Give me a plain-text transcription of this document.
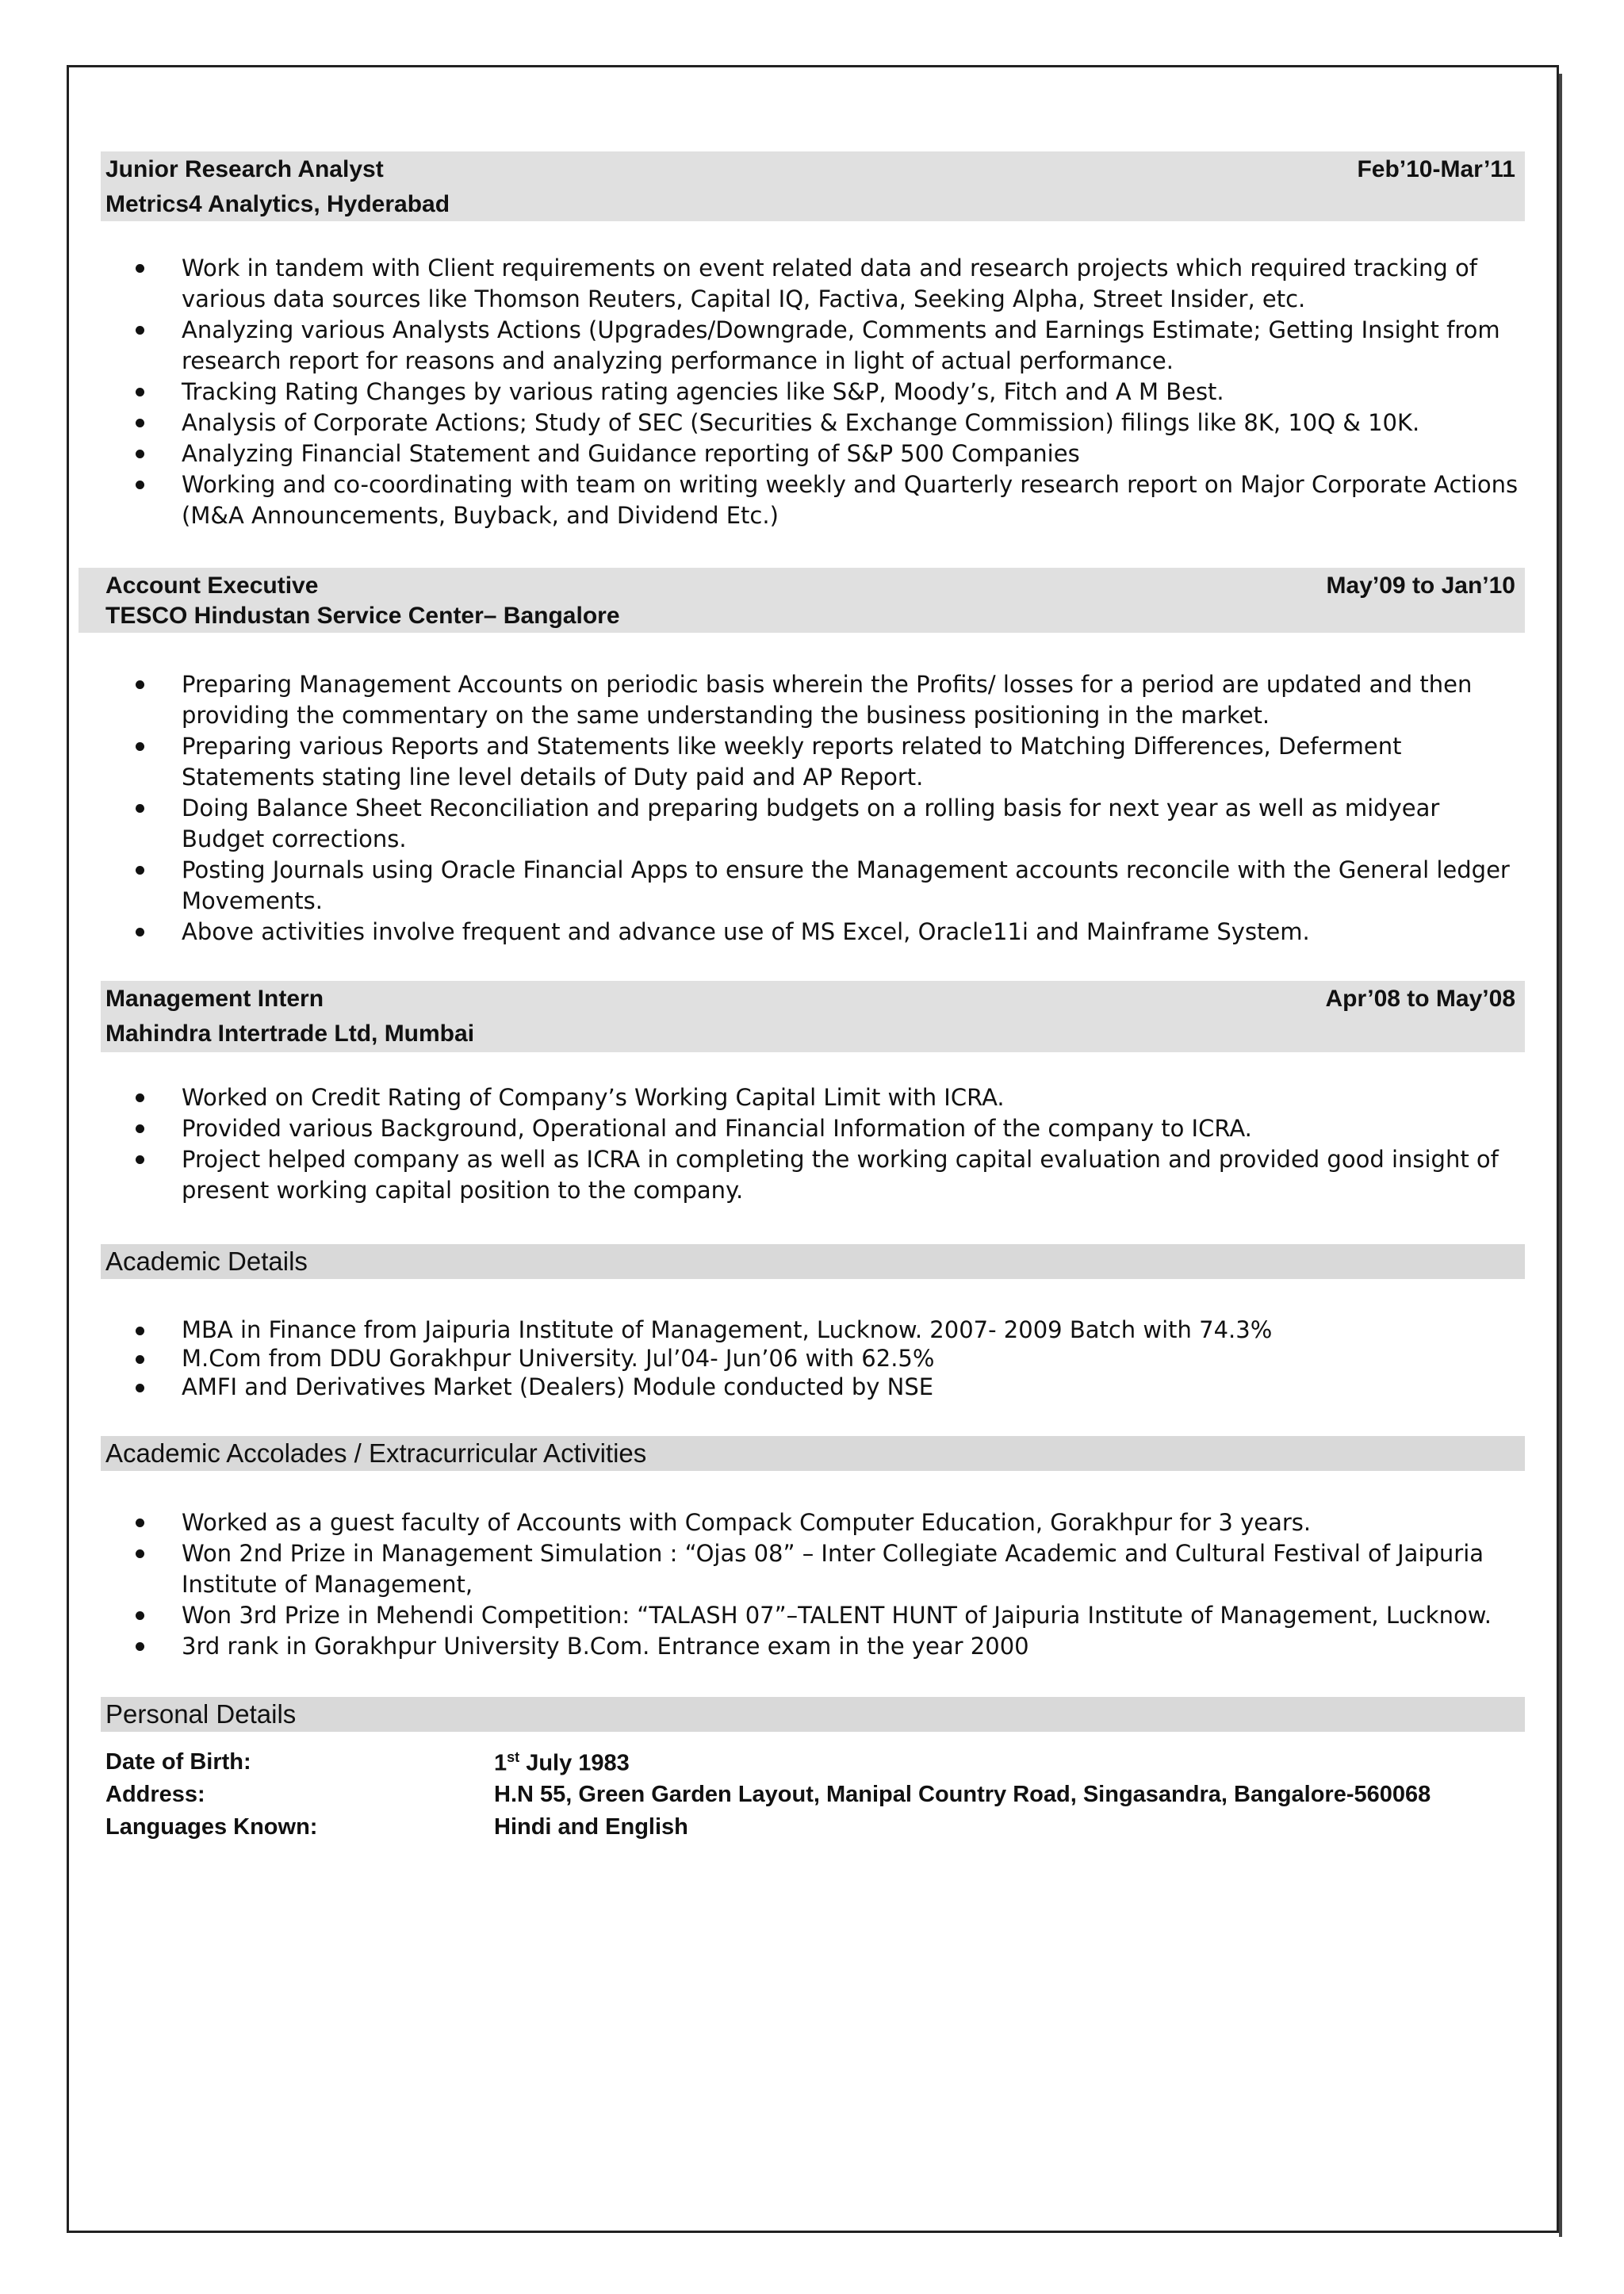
Junior Research Analyst	Feb’10-Mar’11
Metrics4 Analytics, Hyderabad
Work in tandem with Client requirements on event related data and research projects which required tracking of various data sources like Thomson Reuters, Capital IQ, Factiva, Seeking Alpha, Street Insider, etc.
Analyzing various Analysts Actions (Upgrades/Downgrade, Comments and Earnings Estimate; Getting Insight from research report for reasons and analyzing performance in light of actual performance.
Tracking Rating Changes by various rating agencies like S&P, Moody’s, Fitch and A M Best.
Analysis of Corporate Actions; Study of SEC (Securities & Exchange Commission) filings like 8K, 10Q & 10K.
Analyzing Financial Statement and Guidance reporting of S&P 500 Companies
Working and co-coordinating with team on writing weekly and Quarterly research report on Major Corporate Actions (M&A Announcements, Buyback, and Dividend Etc.)
Account Executive	May’09 to Jan’10
TESCO Hindustan Service Center– Bangalore
Preparing Management Accounts on periodic basis wherein the Profits/ losses for a period are updated and then providing the commentary on the same understanding the business positioning in the market.
Preparing various Reports and Statements like weekly reports related to Matching Differences, Deferment Statements stating line level details of Duty paid and AP Report.
Doing Balance Sheet Reconciliation and preparing budgets on a rolling basis for next year as well as midyear Budget corrections.
Posting Journals using Oracle Financial Apps to ensure the Management accounts reconcile with the General ledger Movements.
Above activities involve frequent and advance use of MS Excel, Oracle11i and Mainframe System.
Management Intern	Apr’08 to May’08
Mahindra Intertrade Ltd, Mumbai
Worked on Credit Rating of Company’s Working Capital Limit with ICRA.
Provided various Background, Operational and Financial Information of the company to ICRA.
Project helped company as well as ICRA in completing the working capital evaluation and provided good insight of present working capital position to the company.
Academic Details
MBA in Finance from Jaipuria Institute of Management, Lucknow. 2007- 2009 Batch with 74.3%
M.Com from DDU Gorakhpur University. Jul’04- Jun’06 with 62.5%
AMFI and Derivatives Market (Dealers) Module conducted by NSE
Academic Accolades / Extracurricular Activities
Worked as a guest faculty of Accounts with Compack Computer Education, Gorakhpur for 3 years.
Won 2nd Prize in Management Simulation : “Ojas 08” – Inter Collegiate Academic and Cultural Festival of Jaipuria Institute of Management,
Won 3rd Prize in Mehendi Competition: “TALASH 07”–TALENT HUNT of Jaipuria Institute of Management, Lucknow.
3rd rank in Gorakhpur University B.Com. Entrance exam in the year 2000
Personal Details
Date of Birth:	1st July 1983
Address:	H.N 55, Green Garden Layout, Manipal Country Road, Singasandra, Bangalore-560068
Languages Known:	Hindi and English
